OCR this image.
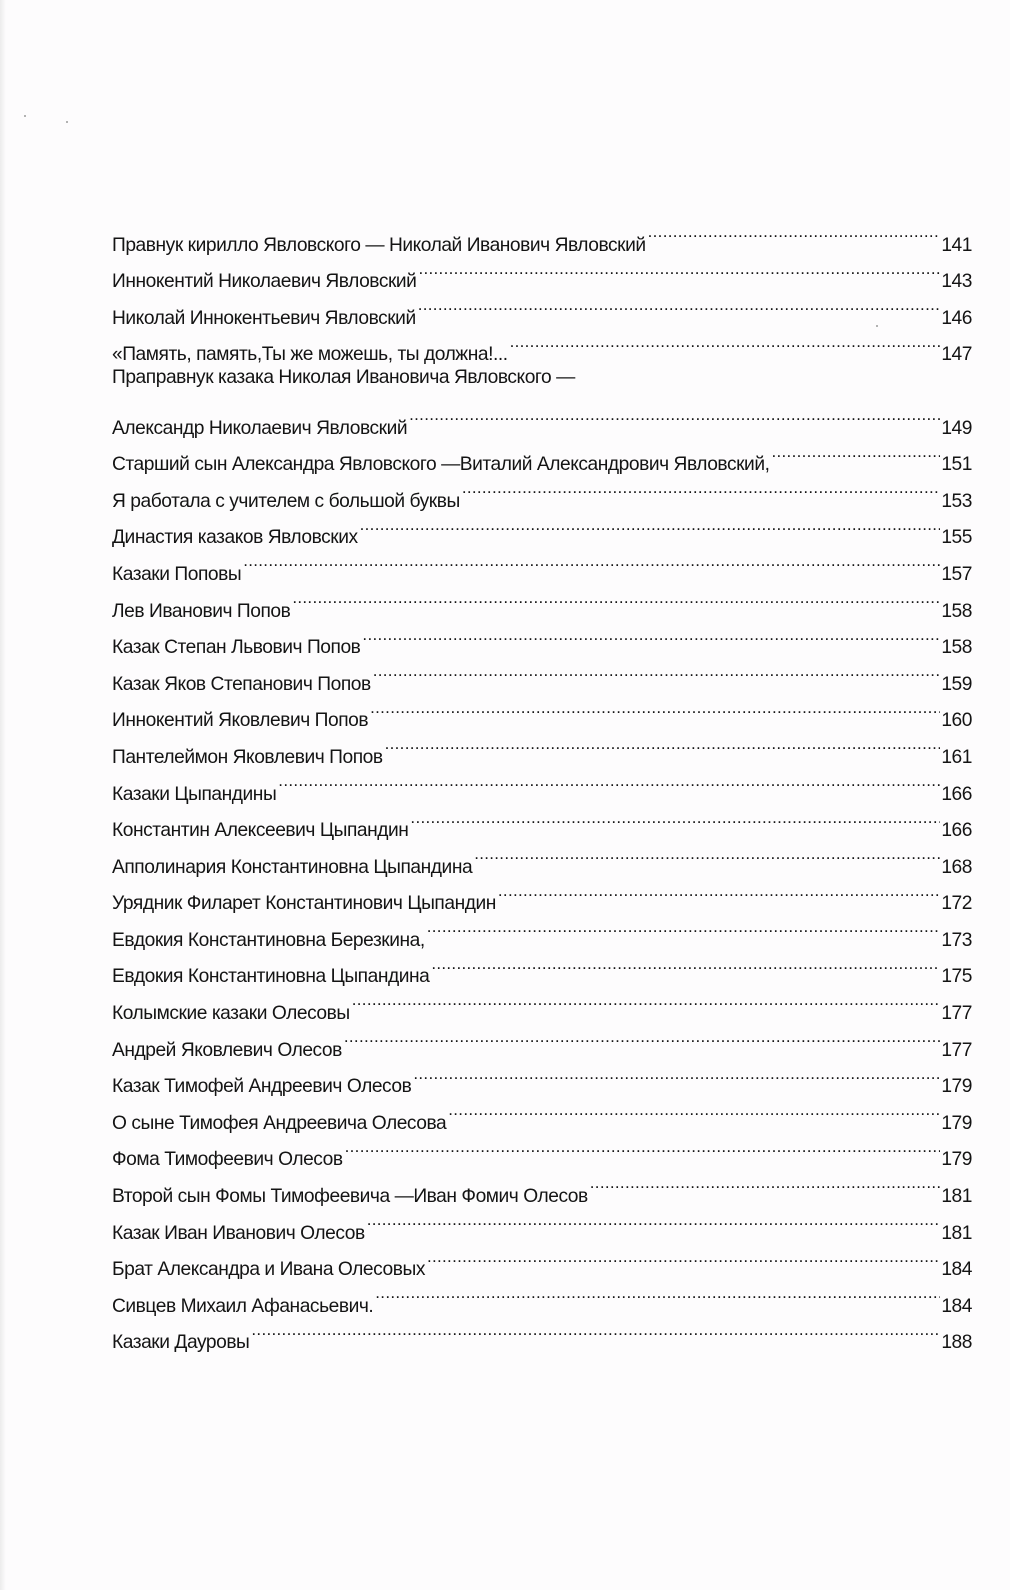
Правнук кирилло Явловского — Николай Иванович Явловский .....	141
Иннокентий Николаевич Явловский .....	143
Николай Иннокентьевич Явловский .....	146
«Память, память,Ты же можешь, ты должна!... .....	147
Праправнук казака Николая Ивановича Явловского —
Александр Николаевич Явловский .....	149
Старший сын Александра Явловского —Виталий Александрович Явловский, .....	151
Я работала с учителем с большой буквы .....	153
Династия казаков Явловских .....	155
Казаки Поповы .....	157
Лев Иванович Попов .....	158
Казак Степан Львович Попов .....	158
Казак Яков Степанович Попов .....	159
Иннокентий Яковлевич Попов .....	160
Пантелеймон Яковлевич Попов .....	161
Казаки Цыпандины .....	166
Константин Алексеевич Цыпандин .....	166
Апполинария Константиновна Цыпандина .....	168
Урядник Филарет Константинович Цыпандин .....	172
Евдокия Константиновна Березкина, .....	173
Евдокия Константиновна Цыпандина .....	175
Колымские казаки Олесовы .....	177
Андрей Яковлевич Олесов .....	177
Казак Тимофей Андреевич Олесов .....	179
О сыне Тимофея Андреевича Олесова .....	179
Фома Тимофеевич Олесов .....	179
Второй сын Фомы Тимофеевича —Иван Фомич Олесов .....	181
Казак Иван Иванович Олесов .....	181
Брат Александра и Ивана Олесовых .....	184
Сивцев Михаил Афанасьевич. .....	184
Казаки Дауровы .....	188
